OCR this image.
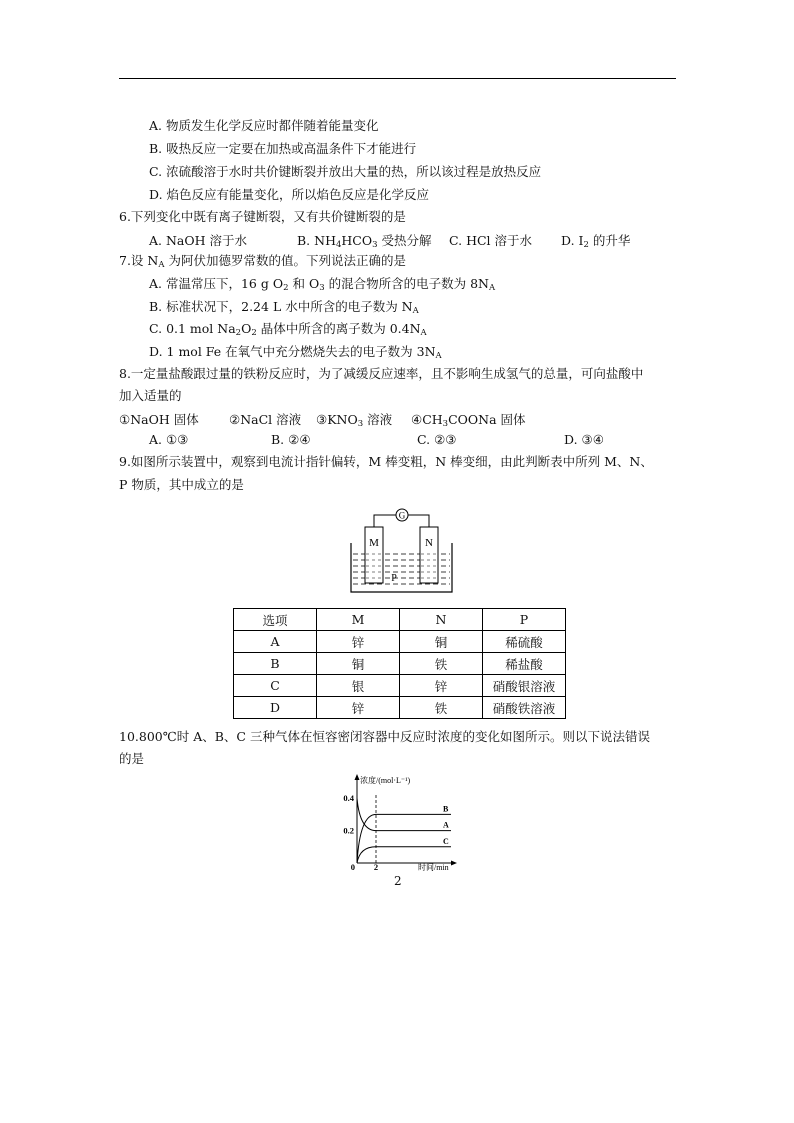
A. 物质发生化学反应时都伴随着能量变化
B. 吸热反应一定要在加热或高温条件下才能进行
C. 浓硫酸溶于水时共价键断裂并放出大量的热，所以该过程是放热反应
D. 焰色反应有能量变化，所以焰色反应是化学反应
6.下列变化中既有离子键断裂，又有共价键断裂的是
A. NaOH 溶于水	B. $NH_4HCO_3$ 受热分解 C. HCl 溶于水 D. $I_2$ 的升华
7.设 $N_A$ 为阿伏加德罗常数的值。下列说法正确的是
A. 常温常压下，16 g $O_2$ 和 $O_3$ 的混合物所含的电子数为 $8N_A$
B. 标准状况下，2.24 L 水中所含的电子数为 $N_A$
C. 0.1 mol $Na_2O_2$ 晶体中所含的离子数为 $0.4N_A$
D. 1 mol Fe 在氧气中充分燃烧失去的电子数为 $3N_A$
8.一定量盐酸跟过量的铁粉反应时，为了减缓反应速率，且不影响生成氢气的总量，可向盐酸中
加入适量的
①NaOH 固体 ②NaCl 溶液 $③KNO_3$ 溶液 $④CH_3COONa$ 固体
A. ①③	B. ②④	C. ②③	D. ③④
9.如图所示装置中，观察到电流计指针偏转，M 棒变粗，N 棒变细，由此判断表中所列 M、N、
P 物质，其中成立的是
G
M	N
P
选项	M	N	P
A	锌	铜	稀硫酸
B	铜	铁	稀盐酸
C	银	锌	硝酸银溶液
D	锌	铁	硝酸铁溶液
10.800℃时 A、B、C 三种气体在恒容密闭容器中反应时浓度的变化如图所示。则以下说法错误
的是
浓度/(mol·L⁻¹)
时间/min
0 2
0.4
0.2
B
A
C
2
